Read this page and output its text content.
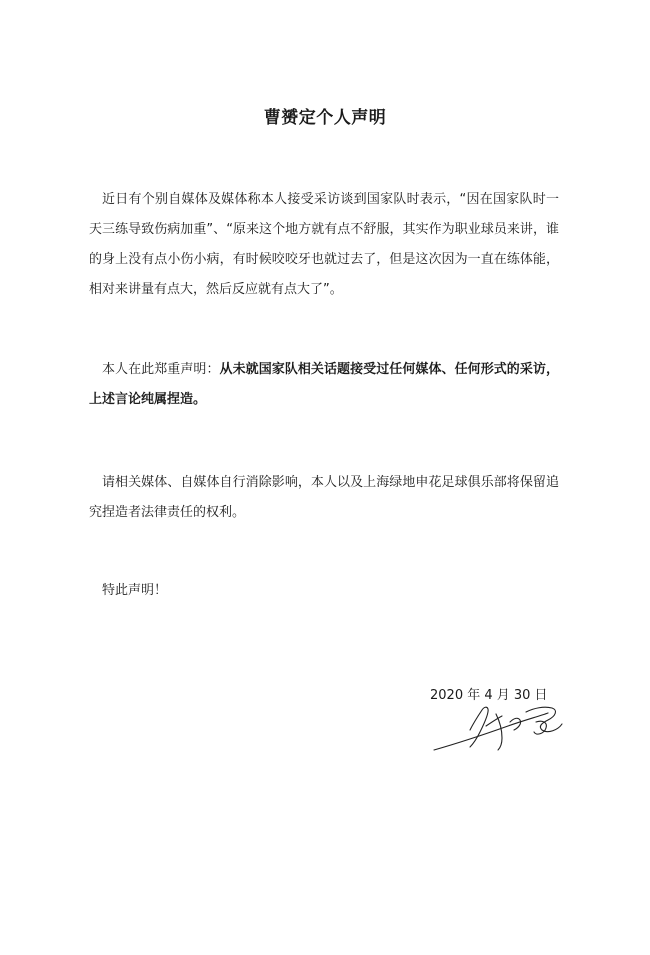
曹赟定个人声明

近日有个别自媒体及媒体称本人接受采访谈到国家队时表示，“因在国家队时一天三练导致伤病加重”、“原来这个地方就有点不舒服，其实作为职业球员来讲，谁的身上没有点小伤小病，有时候咬咬牙也就过去了，但是这次因为一直在练体能，相对来讲量有点大，然后反应就有点大了”。

本人在此郑重声明：从未就国家队相关话题接受过任何媒体、任何形式的采访，上述言论纯属捏造。

请相关媒体、自媒体自行消除影响，本人以及上海绿地申花足球俱乐部将保留追究捏造者法律责任的权利。

特此声明！

2020 年 4 月 30 日
